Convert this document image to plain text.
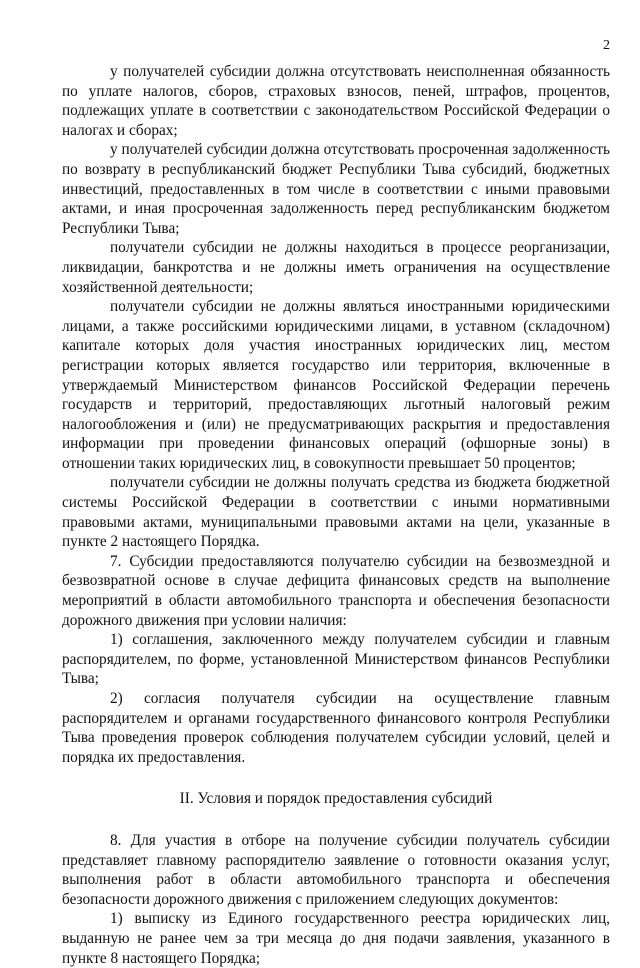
2

у получателей субсидии должна отсутствовать неисполненная обязанность по уплате налогов, сборов, страховых взносов, пеней, штрафов, процентов, подлежащих уплате в соответствии с законодательством Российской Федерации о налогах и сборах;

у получателей субсидии должна отсутствовать просроченная задолженность по возврату в республиканский бюджет Республики Тыва субсидий, бюджетных инвестиций, предоставленных в том числе в соответствии с иными правовыми актами, и иная просроченная задолженность перед республиканским бюджетом Республики Тыва;

получатели субсидии не должны находиться в процессе реорганизации, ликвидации, банкротства и не должны иметь ограничения на осуществление хозяйственной деятельности;

получатели субсидии не должны являться иностранными юридическими лицами, а также российскими юридическими лицами, в уставном (складочном) капитале которых доля участия иностранных юридических лиц, местом регистрации которых является государство или территория, включенные в утверждаемый Министерством финансов Российской Федерации перечень государств и территорий, предоставляющих льготный налоговый режим налогообложения и (или) не предусматривающих раскрытия и предоставления информации при проведении финансовых операций (офшорные зоны) в отношении таких юридических лиц, в совокупности превышает 50 процентов;

получатели субсидии не должны получать средства из бюджета бюджетной системы Российской Федерации в соответствии с иными нормативными правовыми актами, муниципальными правовыми актами на цели, указанные в пункте 2 настоящего Порядка.

7. Субсидии предоставляются получателю субсидии на безвозмездной и безвозвратной основе в случае дефицита финансовых средств на выполнение мероприятий в области автомобильного транспорта и обеспечения безопасности дорожного движения при условии наличия:

1) соглашения, заключенного между получателем субсидии и главным распорядителем, по форме, установленной Министерством финансов Республики Тыва;

2) согласия получателя субсидии на осуществление главным распорядителем и органами государственного финансового контроля Республики Тыва проведения проверок соблюдения получателем субсидии условий, целей и порядка их предоставления.

II. Условия и порядок предоставления субсидий

8. Для участия в отборе на получение субсидии получатель субсидии представляет главному распорядителю заявление о готовности оказания услуг, выполнения работ в области автомобильного транспорта и обеспечения безопасности дорожного движения с приложением следующих документов:

1) выписку из Единого государственного реестра юридических лиц, выданную не ранее чем за три месяца до дня подачи заявления, указанного в пункте 8 настоящего Порядка;
